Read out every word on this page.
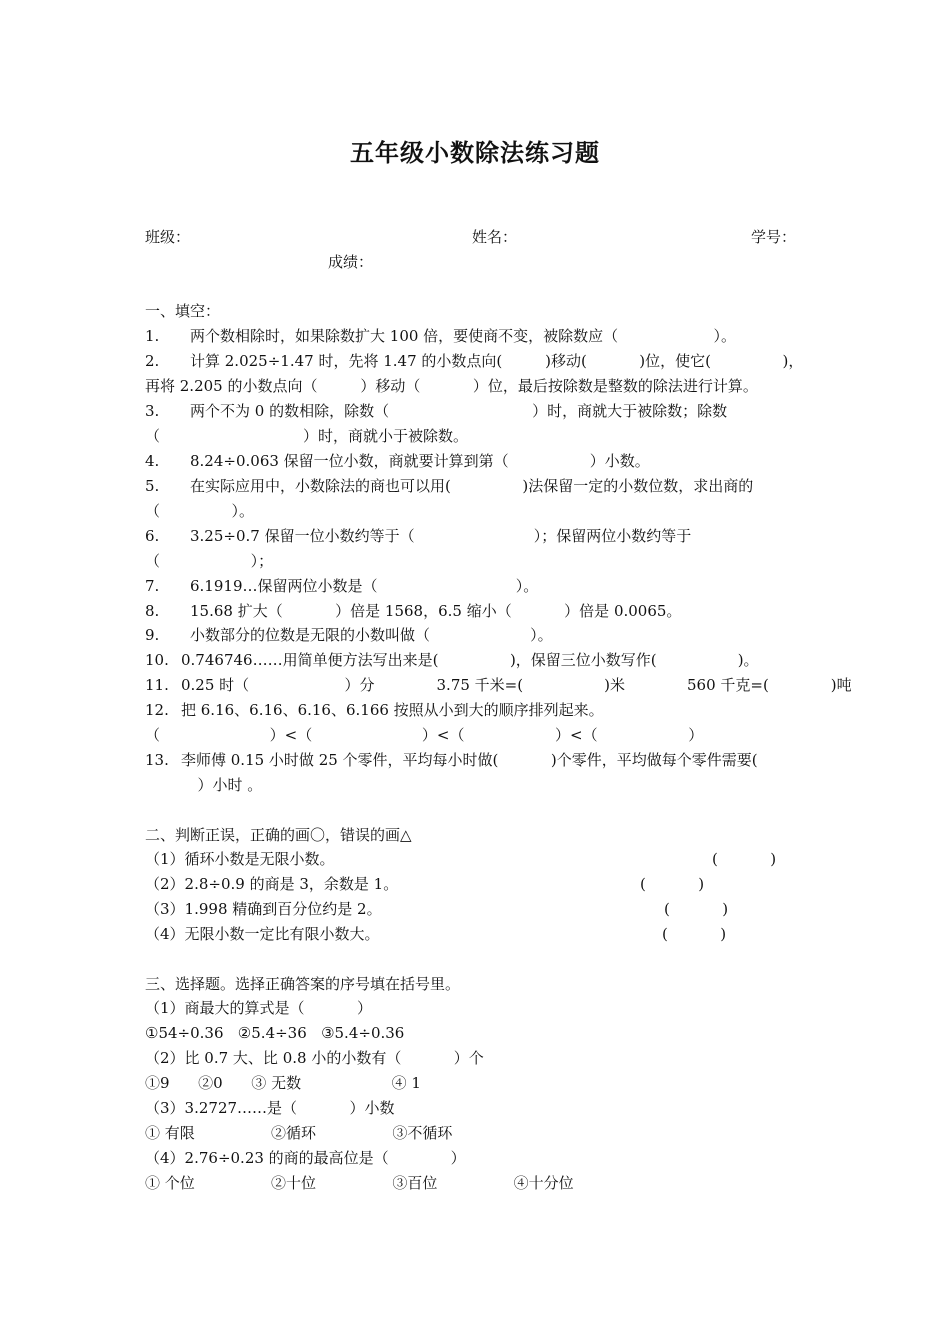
五年级小数除法练习题
班级：	姓名：	学号：
成绩：
一、填空：
1. 两个数相除时，如果除数扩大 100 倍，要使商不变，被除数应（                    ）。
2. 计算 2.025÷1.47 时，先将 1.47 的小数点向(         )移动(           )位，使它(               )，
再将 2.205 的小数点向（         ）移动（           ）位，最后按除数是整数的除法进行计算。
3. 两个不为 0 的数相除，除数（                              ）时，商就大于被除数；除数
（                              ）时，商就小于被除数。
4. 8.24÷0.063 保留一位小数，商就要计算到第（                 ）小数。
5. 在实际应用中，小数除法的商也可以用(               )法保留一定的小数位数，求出商的
（               ）。
6. 3.25÷0.7 保留一位小数约等于（                         ）；保留两位小数约等于
（                   ）；
7. 6.1919…保留两位小数是（                             ）。
8. 15.68 扩大（           ）倍是 1568，6.5 缩小（           ）倍是 0.0065。
9. 小数部分的位数是无限的小数叫做（                     ）。
10. 0.746746……用简单便方法写出来是(               )，保留三位小数写作(                 )。
11. 0.25 时（                    ）分             3.75 千米=(                 )米             560 千克=(             )吨
12. 把 6.16、6.16、6.16、6.166 按照从小到大的顺序排列起来。
（                       ）<（                       ）<（                   ）<（                   ）
13. 李师傅 0.15 小时做 25 个零件，平均每小时做(           )个零件，平均做每个零件需要(
）小时 。
二、判断正误，正确的画〇，错误的画△
（1）循环小数是无限小数。	(           )
（2）2.8÷0.9 的商是 3，余数是 1。	(           )
（3）1.998 精确到百分位约是 2。	(           )
（4）无限小数一定比有限小数大。	(           )
三、选择题。选择正确答案的序号填在括号里。
（1）商最大的算式是（           ）
①54÷0.36   ②5.4÷36   ③5.4÷0.36
（2）比 0.7 大、比 0.8 小的小数有（           ）个
①9      ②0      ③ 无数                   ④ 1
（3）3.2727……是（           ）小数
① 有限                ②循环                ③不循环
（4）2.76÷0.23 的商的最高位是（             ）
① 个位                ②十位                ③百位                ④十分位
